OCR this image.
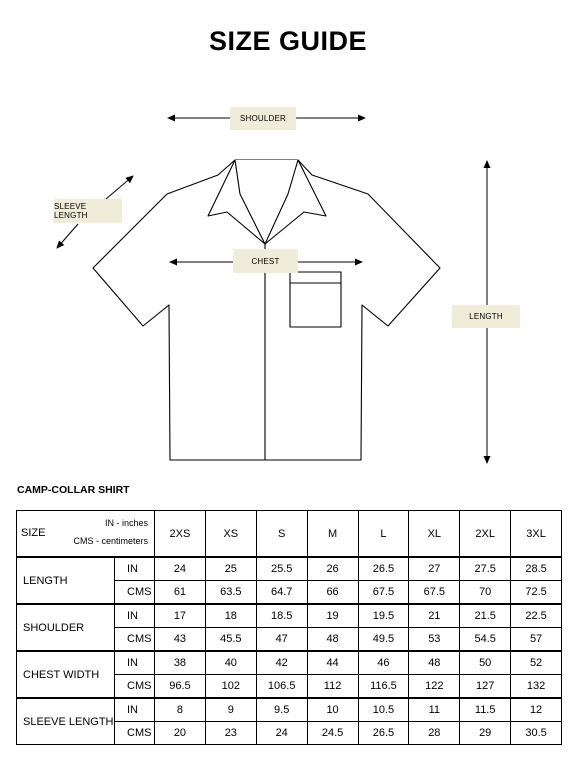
SIZE GUIDE
SHOULDER
SLEEVE LENGTH
CHEST
LENGTH
CAMP-COLLAR SHIRT
SIZE
IN - inches
CMS - centimeters		2XS	XS	S	M	L	XL	2XL	3XL
LENGTH	IN	24	25	25.5	26	26.5	27	27.5	28.5
	CMS	61	63.5	64.7	66	67.5	67.5	70	72.5
SHOULDER	IN	17	18	18.5	19	19.5	21	21.5	22.5
	CMS	43	45.5	47	48	49.5	53	54.5	57
CHEST WIDTH	IN	38	40	42	44	46	48	50	52
	CMS	96.5	102	106.5	112	116.5	122	127	132
SLEEVE LENGTH	IN	8	9	9.5	10	10.5	11	11.5	12
	CMS	20	23	24	24.5	26.5	28	29	30.5
